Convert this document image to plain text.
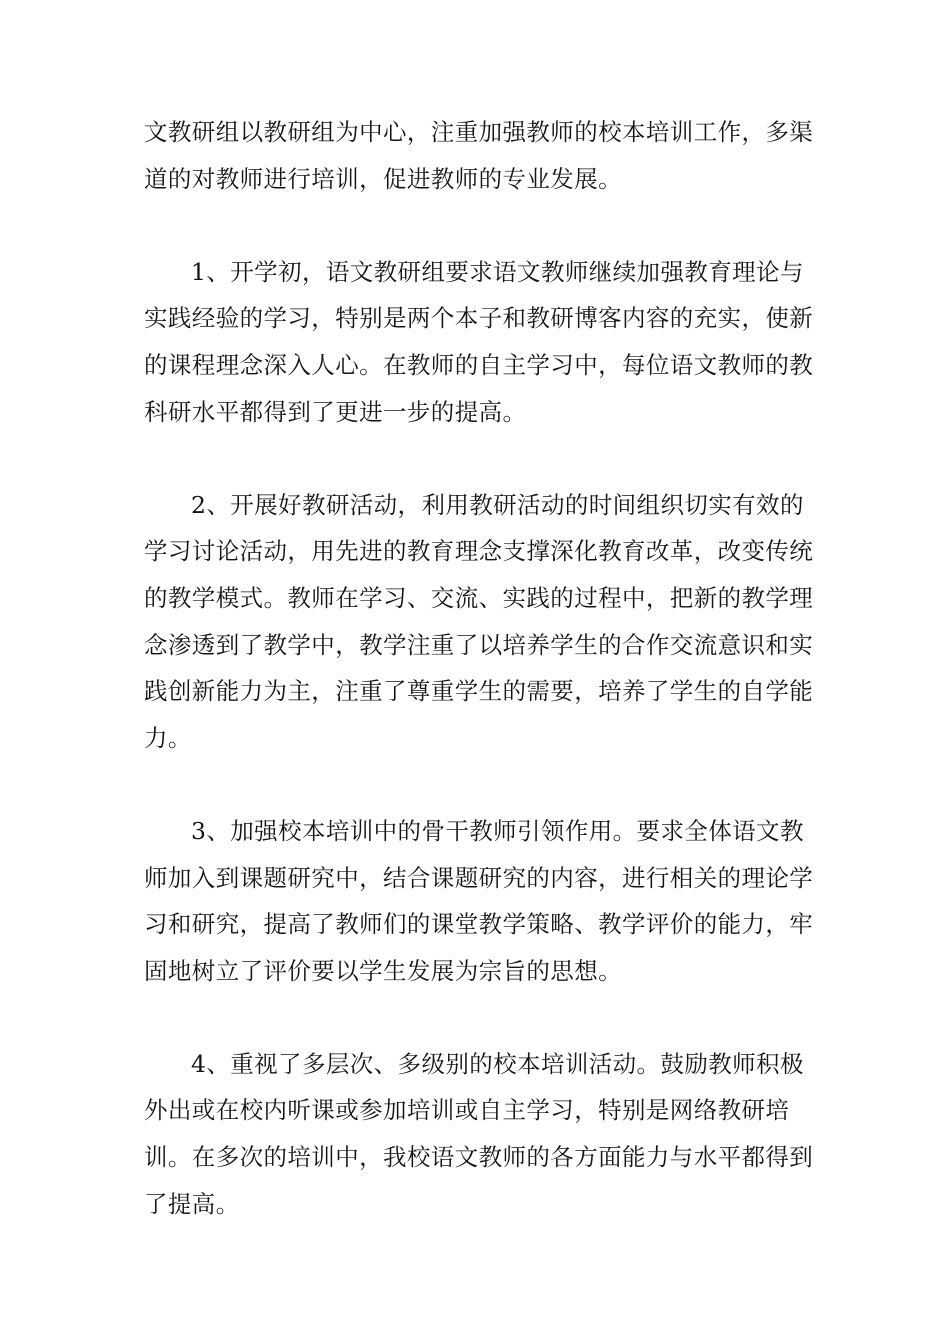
文教研组以教研组为中心，注重加强教师的校本培训工作，多渠
道的对教师进行培训，促进教师的专业发展。

1、开学初，语文教研组要求语文教师继续加强教育理论与
实践经验的学习，特别是两个本子和教研博客内容的充实，使新
的课程理念深入人心。在教师的自主学习中，每位语文教师的教
科研水平都得到了更进一步的提高。

2、开展好教研活动，利用教研活动的时间组织切实有效的
学习讨论活动，用先进的教育理念支撑深化教育改革，改变传统
的教学模式。教师在学习、交流、实践的过程中，把新的教学理
念渗透到了教学中，教学注重了以培养学生的合作交流意识和实
践创新能力为主，注重了尊重学生的需要，培养了学生的自学能
力。

3、加强校本培训中的骨干教师引领作用。要求全体语文教
师加入到课题研究中，结合课题研究的内容，进行相关的理论学
习和研究，提高了教师们的课堂教学策略、教学评价的能力，牢
固地树立了评价要以学生发展为宗旨的思想。

4、重视了多层次、多级别的校本培训活动。鼓励教师积极
外出或在校内听课或参加培训或自主学习，特别是网络教研培
训。在多次的培训中，我校语文教师的各方面能力与水平都得到
了提高。
